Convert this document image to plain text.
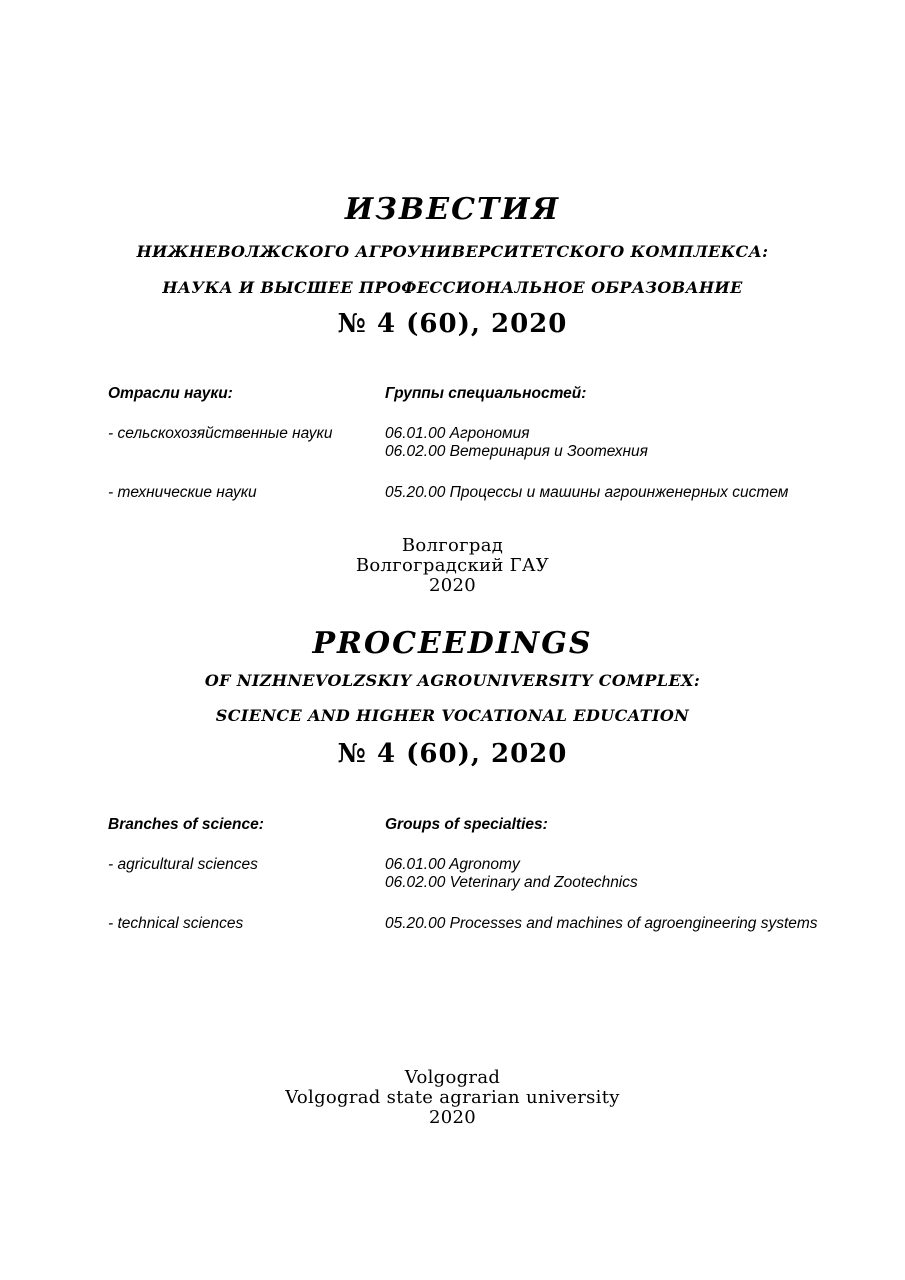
ИЗВЕСТИЯ
НИЖНЕВОЛЖСКОГО АГРОУНИВЕРСИТЕТСКОГО КОМПЛЕКСА:
НАУКА И ВЫСШЕЕ ПРОФЕССИОНАЛЬНОЕ ОБРАЗОВАНИЕ
№ 4 (60), 2020
Отрасли науки:	Группы специальностей:
- сельскохозяйственные науки	06.01.00 Агрономия
06.02.00 Ветеринария и Зоотехния
- технические науки	05.20.00 Процессы и машины агроинженерных систем
Волгоград
Волгоградский ГАУ
2020
PROCEEDINGS
OF NIZHNEVOLZSKIY AGROUNIVERSITY COMPLEX:
SCIENCE AND HIGHER VOCATIONAL EDUCATION
№ 4 (60), 2020
Branches of science:	Groups of specialties:
- agricultural sciences	06.01.00 Agronomy
06.02.00 Veterinary and Zootechnics
- technical sciences	05.20.00 Processes and machines of agroengineering systems
Volgograd
Volgograd state agrarian university
2020
